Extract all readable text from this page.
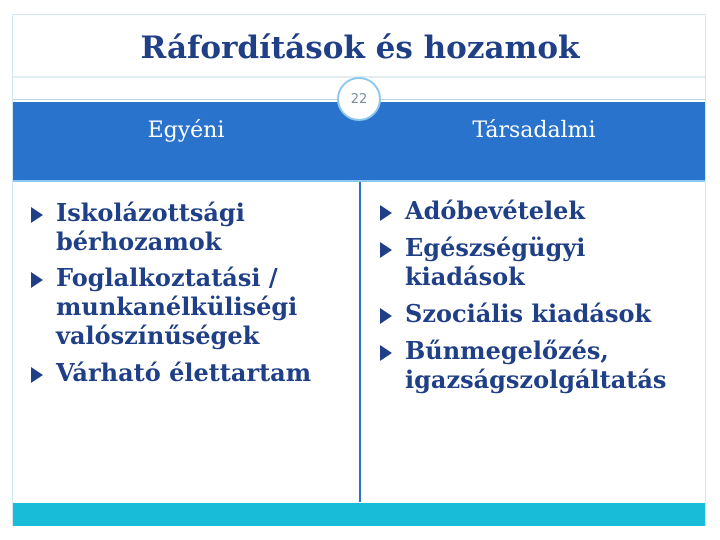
Ráfordítások és hozamok
Egyéni	Társadalmi
22
Iskolázottsági bérhozamok
Foglalkoztatási / munkanélküliségi valószínűségek
Várható élettartam
Adóbevételek
Egészségügyi kiadások
Szociális kiadások
Bűnmegelőzés, igazságszolgáltatás
